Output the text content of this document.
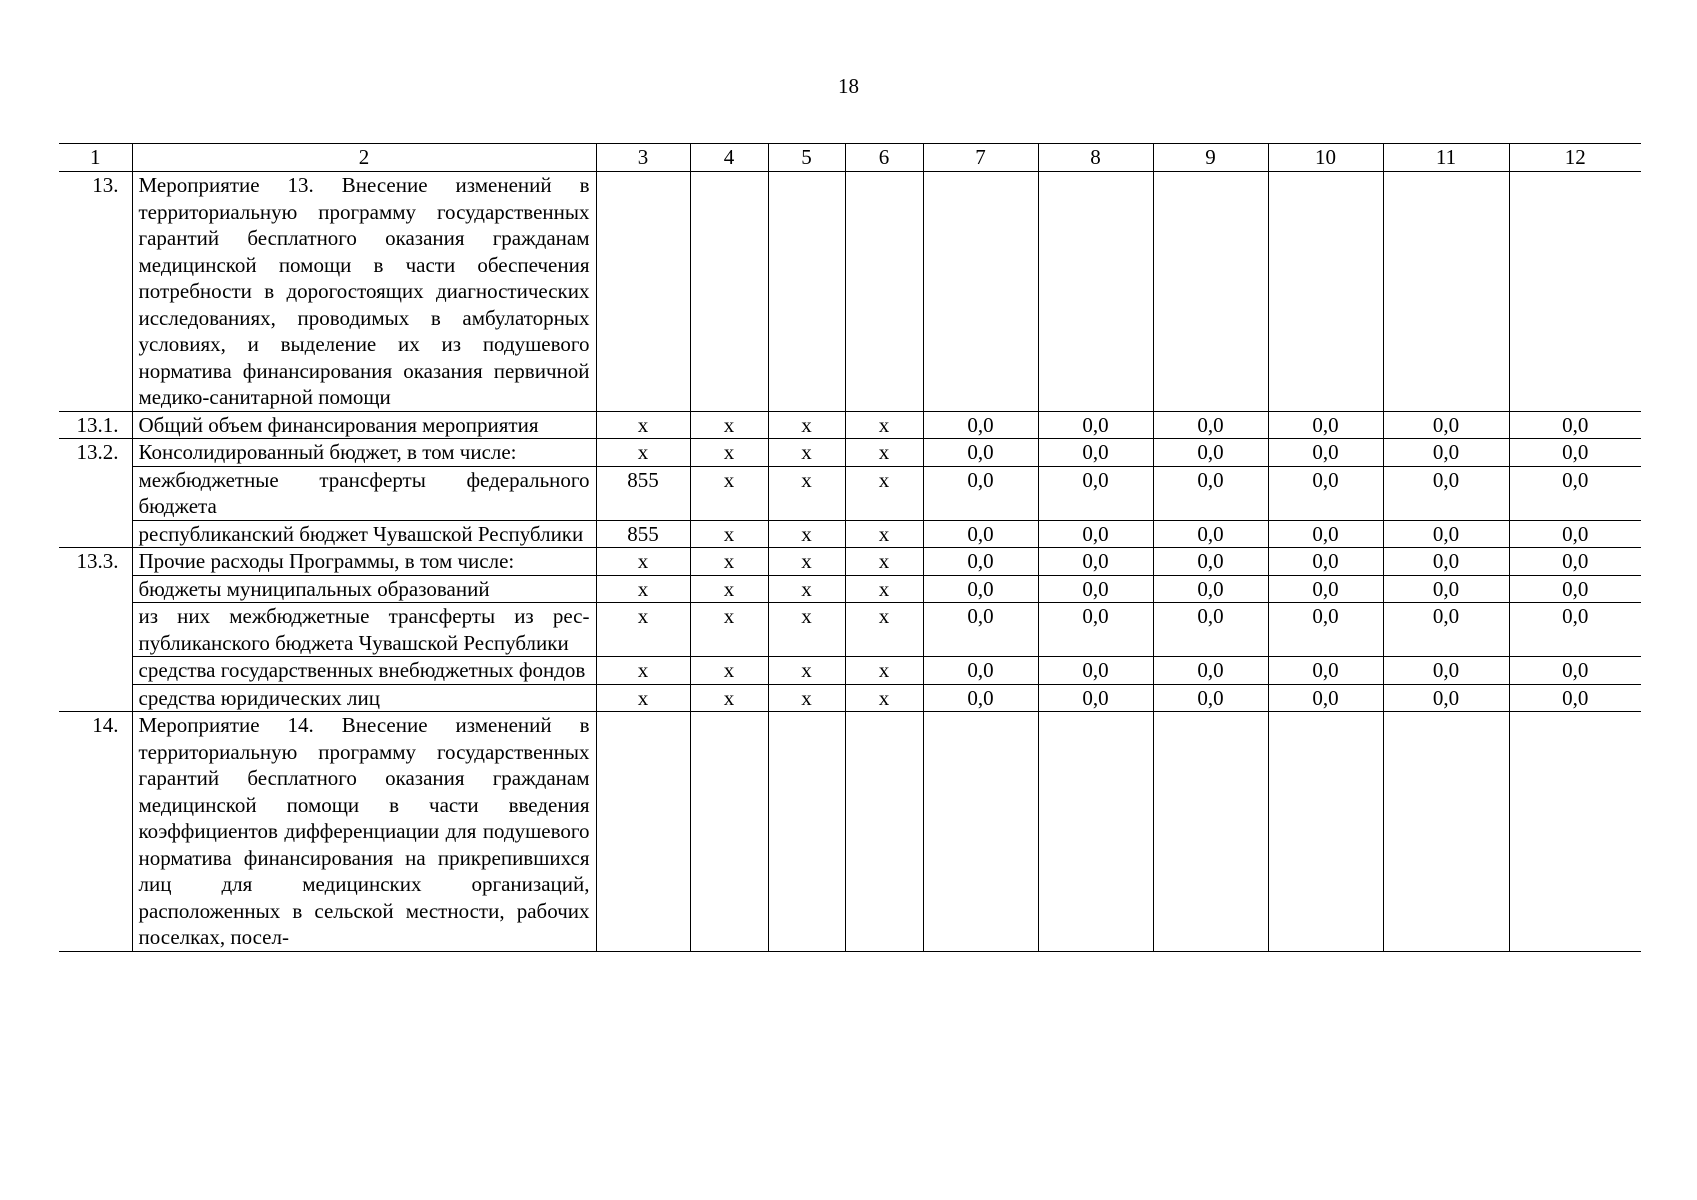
18
1	2	3	4	5	6	7	8	9	10	11	12
13.	Мероприятие 13. Внесение изменений в территориальную программу государственных гарантий бесплатного оказания гражданам медицинской помощи в части обеспечения потребности в дорогостоящих диагностических исследованиях, проводимых в амбулаторных условиях, и выделение их из подушевого норматива финансирования оказания первичной медико-санитарной помощи										
13.1.	Общий объем финансирования мероприятия	x	x	x	x	0,0	0,0	0,0	0,0	0,0	0,0
13.2.	Консолидированный бюджет, в том числе:	x	x	x	x	0,0	0,0	0,0	0,0	0,0	0,0
	межбюджетные трансферты федерального бюджета	855	x	x	x	0,0	0,0	0,0	0,0	0,0	0,0
	республиканский бюджет Чувашской Республики	855	x	x	x	0,0	0,0	0,0	0,0	0,0	0,0
13.3.	Прочие расходы Программы, в том числе:	x	x	x	x	0,0	0,0	0,0	0,0	0,0	0,0
	бюджеты муниципальных образований	x	x	x	x	0,0	0,0	0,0	0,0	0,0	0,0
	из них межбюджетные трансферты из республиканского бюджета Чувашской Республики	x	x	x	x	0,0	0,0	0,0	0,0	0,0	0,0
	средства государственных внебюджетных фондов	x	x	x	x	0,0	0,0	0,0	0,0	0,0	0,0
	средства юридических лиц	x	x	x	x	0,0	0,0	0,0	0,0	0,0	0,0
14.	Мероприятие 14. Внесение изменений в территориальную программу государственных гарантий бесплатного оказания гражданам медицинской помощи в части введения коэффициентов дифференциации для подушевого норматива финансирования на прикрепившихся лиц для медицинских организаций, расположенных в сельской местности, рабочих поселках, посел-										
